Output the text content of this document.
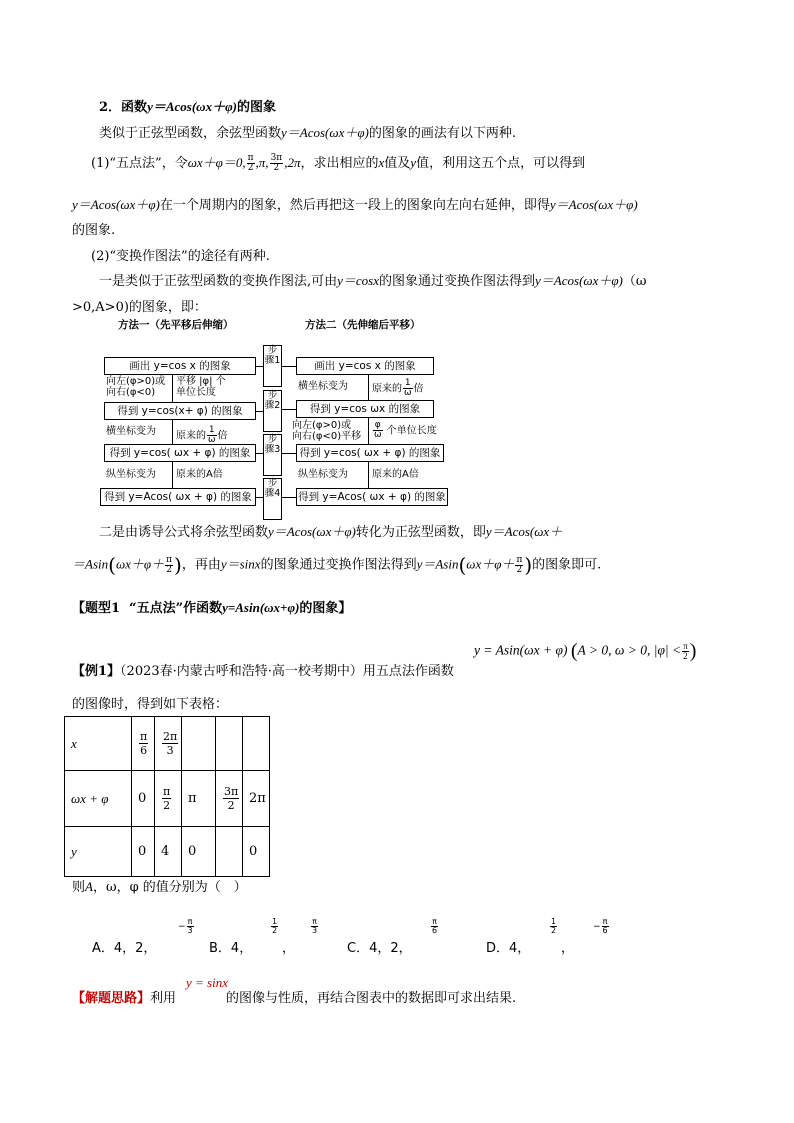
2．函数y＝Acos(ωx＋φ)的图象
类似于正弦型函数，余弦型函数y＝Acos(ωx＋φ)的图象的画法有以下两种.
(1)“五点法”，令ωx＋φ＝0, $\frac{\pi}{2} ,\pi$, $\frac{3\pi}{2} ,2\pi$，求出相应的x值及y值，利用这五个点，可以得到
y＝Acos(ωx＋φ)在一个周期内的图象，然后再把这一段上的图象向左向右延伸，即得y＝Acos(ωx＋φ)
的图象.
(2)“变换作图法”的途径有两种.
一是类似于正弦型函数的变换作图法,可由y＝cosx的图象通过变换作图法得到y＝Acos(ωx＋φ)（ω
>0,A>0)的图象，即：
方法一（先平移后伸缩）	方法二（先伸缩后平移）
画出 y=cos x 的图象
得到 y=cos(x+ φ) 的图象
得到 y=cos( ωx + φ) 的图象
得到 y=Acos( ωx + φ) 的图象
画出 y=cos x 的图象
得到 y=cos ωx 的图象
得到 y=cos( ωx + φ) 的图象
得到 y=Acos( ωx + φ) 的图象
步骤1
步骤2
步骤3
步骤4
向左(φ>0)或
向右(φ<0)
平移 |φ| 个
单位长度
横坐标变为 原来的 $\frac{1}{\omega}$ 倍
纵坐标变为 原来的A倍
横坐标变为 原来的 $\frac{1}{\omega}$ 倍
向左(φ>0)或
向右(φ<0)平移 $\frac{\varphi}{\omega}$ 个单位长度
纵坐标变为 原来的A倍
二是由诱导公式将余弦型函数y＝Acos(ωx＋φ)转化为正弦型函数，即y＝Acos(ωx＋
$=Asin(\omega x+\varphi+ \frac{\pi}{2}$ )，再由y＝sinx的图象通过变换作图法得到$y=Asin(\omega x+\varphi+ \frac{\pi}{2}$ )的图象即可.
【题型1 “五点法”作函数y=Asin(ωx+φ)的图象】
y = Asin(ωx + φ) (A > 0, ω > 0, $|\varphi| < \frac{\pi}{2}$ )
【例1】（2023春·内蒙古呼和浩特·高一校考期中）用五点法作函数
的图像时，得到如下表格：
x	$\frac{\pi}{6}$	$\frac{2\pi}{3}$

ωx + φ	0	$\frac{\pi}{2}$	π	$\frac{3\pi}{2}$	2π
y	0	4	0		0
则A，ω，φ 的值分别为（　）
A．4，2，
− $\frac{\pi}{3}$
B．4，
$\frac{1}{2}$
，
$\frac{\pi}{3}$
C．4，2，
$\frac{\pi}{6}$
D．4，
$\frac{1}{2}$
，
− $\frac{\pi}{6}$
y = sinx
【解题思路】利用	的图像与性质，再结合图表中的数据即可求出结果.
